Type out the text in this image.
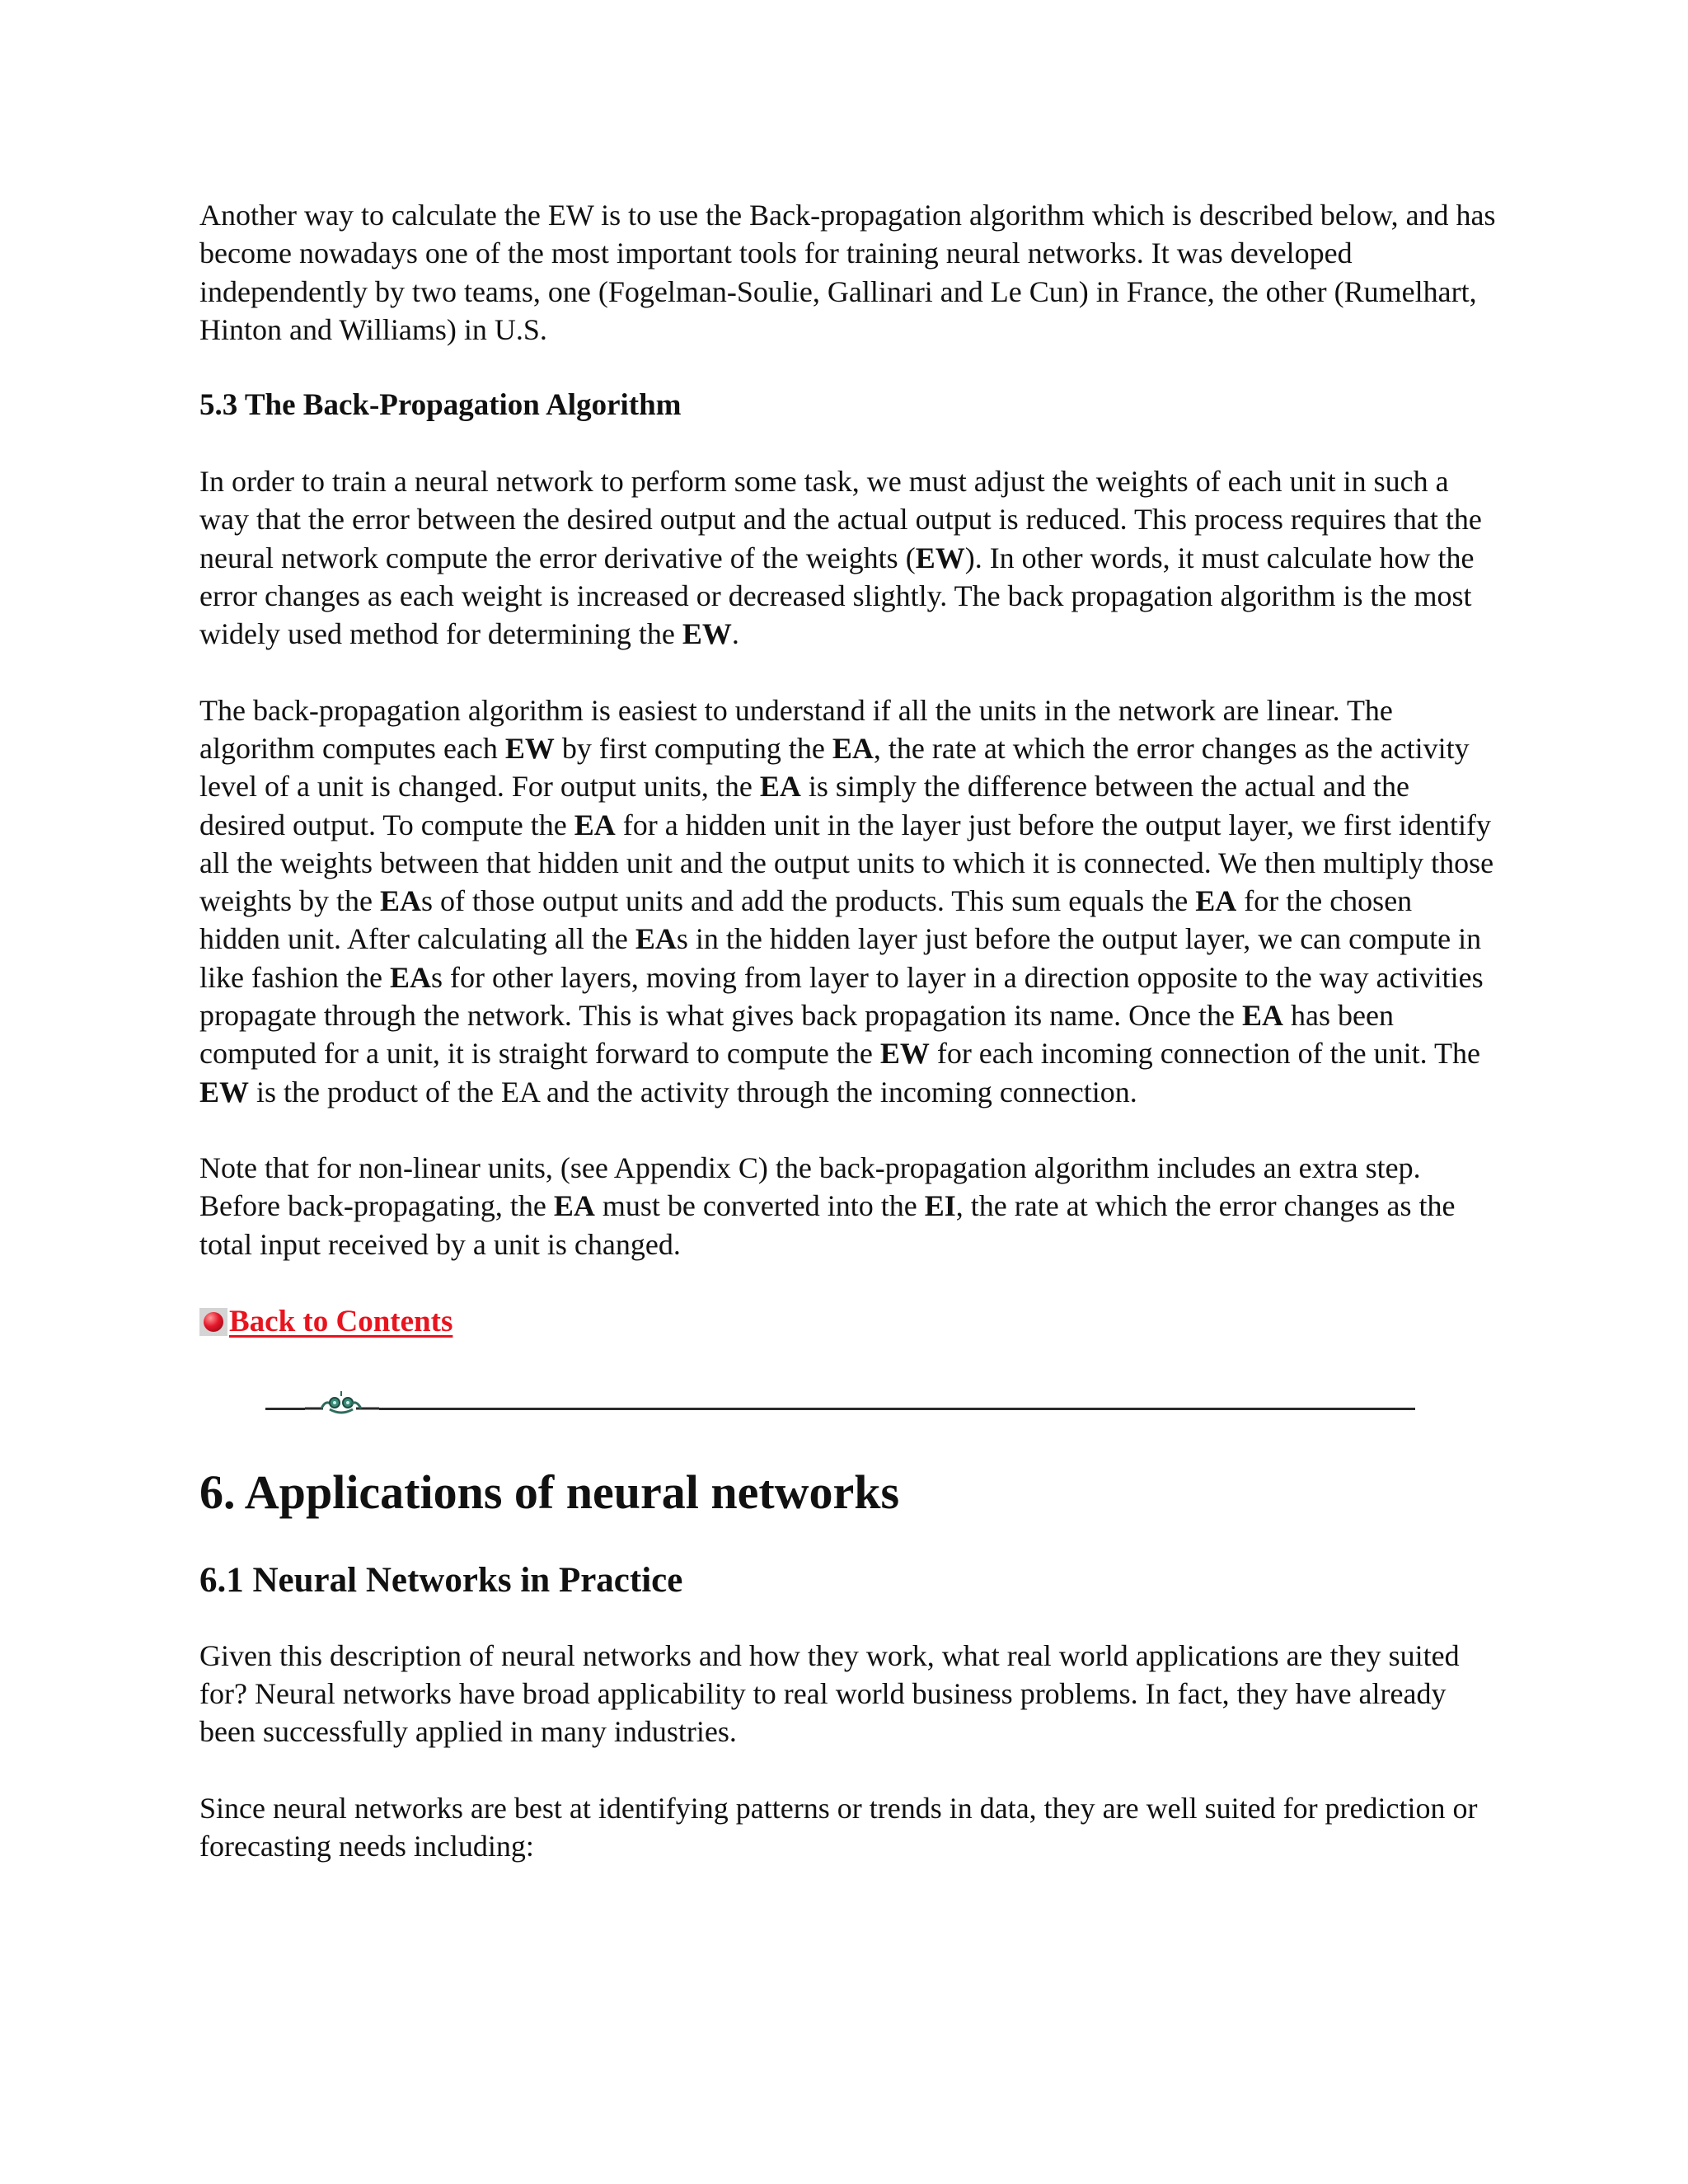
Another way to calculate the EW is to use the Back-propagation algorithm which is described below, and has become nowadays one of the most important tools for training neural networks. It was developed independently by two teams, one (Fogelman-Soulie, Gallinari and Le Cun) in France, the other (Rumelhart, Hinton and Williams) in U.S.

5.3 The Back-Propagation Algorithm

In order to train a neural network to perform some task, we must adjust the weights of each unit in such a way that the error between the desired output and the actual output is reduced. This process requires that the neural network compute the error derivative of the weights (EW). In other words, it must calculate how the error changes as each weight is increased or decreased slightly. The back propagation algorithm is the most widely used method for determining the EW.

The back-propagation algorithm is easiest to understand if all the units in the network are linear. The algorithm computes each EW by first computing the EA, the rate at which the error changes as the activity level of a unit is changed. For output units, the EA is simply the difference between the actual and the desired output. To compute the EA for a hidden unit in the layer just before the output layer, we first identify all the weights between that hidden unit and the output units to which it is connected. We then multiply those weights by the EAs of those output units and add the products. This sum equals the EA for the chosen hidden unit. After calculating all the EAs in the hidden layer just before the output layer, we can compute in like fashion the EAs for other layers, moving from layer to layer in a direction opposite to the way activities propagate through the network. This is what gives back propagation its name. Once the EA has been computed for a unit, it is straight forward to compute the EW for each incoming connection of the unit. The EW is the product of the EA and the activity through the incoming connection.

Note that for non-linear units, (see Appendix C) the back-propagation algorithm includes an extra step. Before back-propagating, the EA must be converted into the EI, the rate at which the error changes as the total input received by a unit is changed.

Back to Contents
6. Applications of neural networks
6.1 Neural Networks in Practice

Given this description of neural networks and how they work, what real world applications are they suited for? Neural networks have broad applicability to real world business problems. In fact, they have already been successfully applied in many industries.

Since neural networks are best at identifying patterns or trends in data, they are well suited for prediction or forecasting needs including:
